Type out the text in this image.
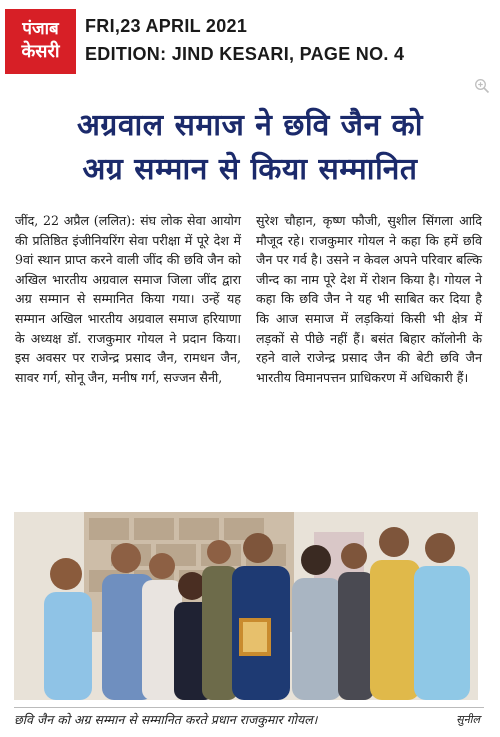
पंजाब
केसरी
FRI,23 APRIL 2021
EDITION: JIND KESARI, PAGE NO. 4
अग्रवाल समाज ने छवि जैन को
अग्र सम्मान से किया सम्मानित
जींद, 22 अप्रैल (ललित): संघ लोक सेवा आयोग की प्रतिष्ठित इंजीनियरिंग सेवा परीक्षा में पूरे देश में 9वां स्थान प्राप्त करने वाली जींद की छवि जैन को अखिल भारतीय अग्रवाल समाज जिला जींद द्वारा अग्र सम्मान से सम्मानित किया गया। उन्हें यह सम्मान अखिल भारतीय अग्रवाल समाज हरियाणा के अध्यक्ष डॉ. राजकुमार गोयल ने प्रदान किया। इस अवसर पर राजेन्द्र प्रसाद जैन, रामधन जैन, सावर गर्ग, सोनू जैन, मनीष गर्ग, सज्जन सैनी,
सुरेश चौहान, कृष्ण फौजी, सुशील सिंगला आदि मौजूद रहे। राजकुमार गोयल ने कहा कि हमें छवि जैन पर गर्व है। उसने न केवल अपने परिवार बल्कि जीन्द का नाम पूरे देश में रोशन किया है। गोयल ने कहा कि छवि जैन ने यह भी साबित कर दिया है कि आज समाज में लड़कियां किसी भी क्षेत्र में लड़कों से पीछे नहीं हैं। बसंत बिहार कॉलोनी के रहने वाले राजेन्द्र प्रसाद जैन की बेटी छवि जैन भारतीय विमानपत्तन प्राधिकरण में अधिकारी हैं।
छवि जैन को अग्र सम्मान से सम्मानित करते प्रधान राजकुमार गोयल।	सुनील
